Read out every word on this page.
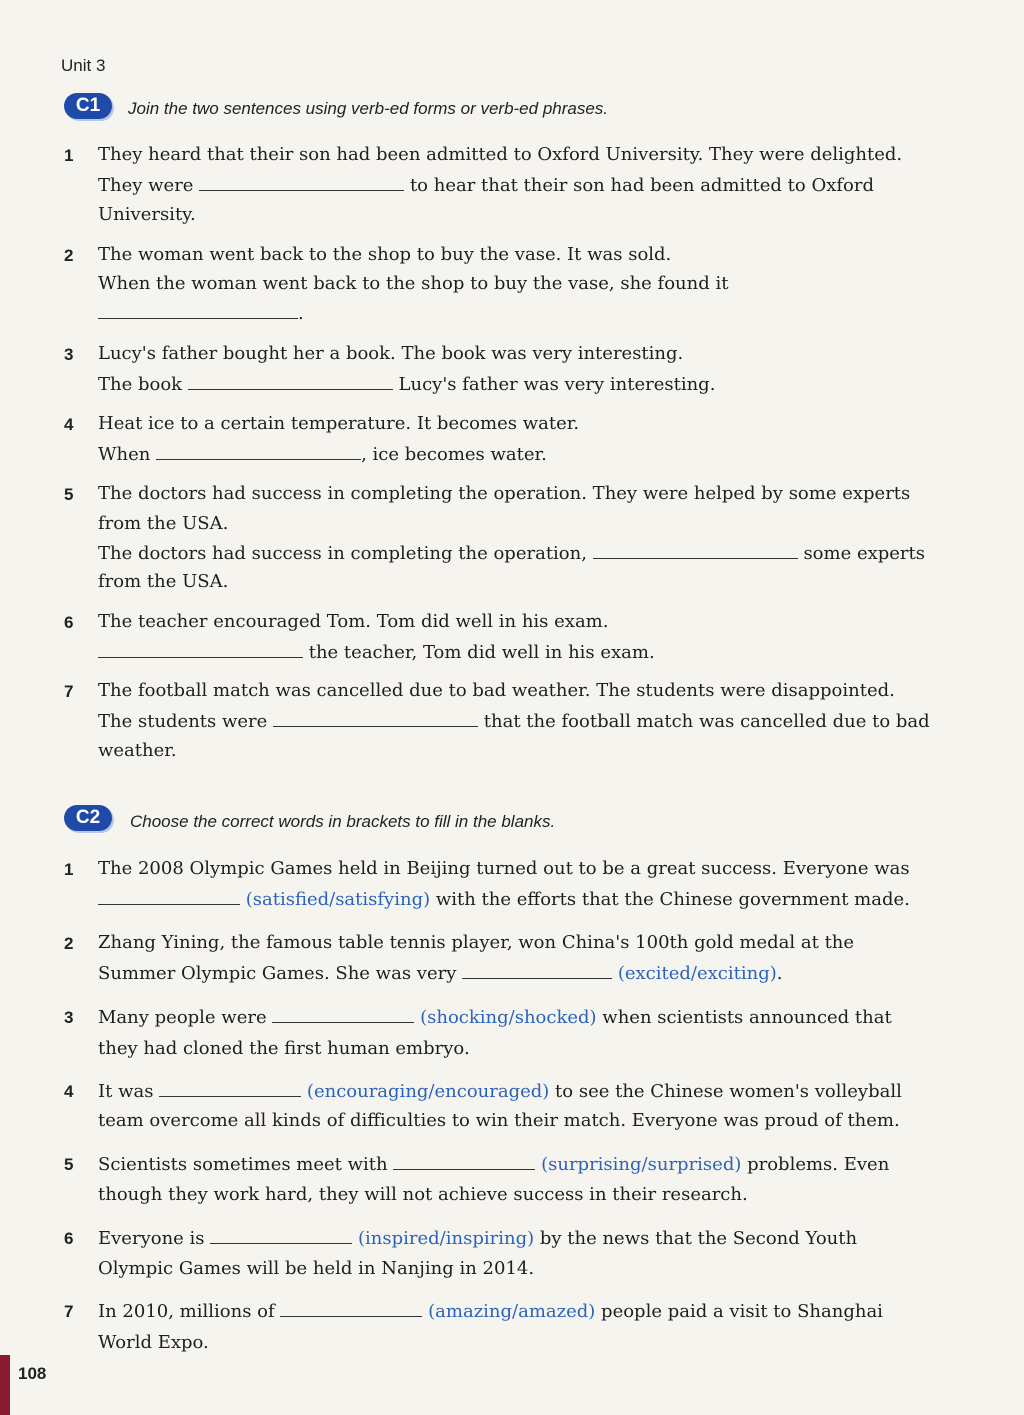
Unit 3
C1	Join the two sentences using verb-ed forms or verb-ed phrases.
1 They heard that their son had been admitted to Oxford University. They were delighted.
They were	to hear that their son had been admitted to Oxford
University.
2 The woman went back to the shop to buy the vase. It was sold.
When the woman went back to the shop to buy the vase, she found it
.
3 Lucy's father bought her a book. The book was very interesting.
The book	Lucy's father was very interesting.
4 Heat ice to a certain temperature. It becomes water.
When	, ice becomes water.
5 The doctors had success in completing the operation. They were helped by some experts
from the USA.
The doctors had success in completing the operation,	some experts
from the USA.
6 The teacher encouraged Tom. Tom did well in his exam.
the teacher, Tom did well in his exam.
7 The football match was cancelled due to bad weather. The students were disappointed.
The students were	that the football match was cancelled due to bad
weather.
C2	Choose the correct words in brackets to fill in the blanks.
1 The 2008 Olympic Games held in Beijing turned out to be a great success. Everyone was
(satisfied/satisfying) with the efforts that the Chinese government made.
2 Zhang Yining, the famous table tennis player, won China's 100th gold medal at the
Summer Olympic Games. She was very	(excited/exciting).
3 Many people were	(shocking/shocked) when scientists announced that
they had cloned the first human embryo.
4 It was	(encouraging/encouraged) to see the Chinese women's volleyball
team overcome all kinds of difficulties to win their match. Everyone was proud of them.
5 Scientists sometimes meet with	(surprising/surprised) problems. Even
though they work hard, they will not achieve success in their research.
6 Everyone is	(inspired/inspiring) by the news that the Second Youth
Olympic Games will be held in Nanjing in 2014.
7 In 2010, millions of	(amazing/amazed) people paid a visit to Shanghai
World Expo.
108
